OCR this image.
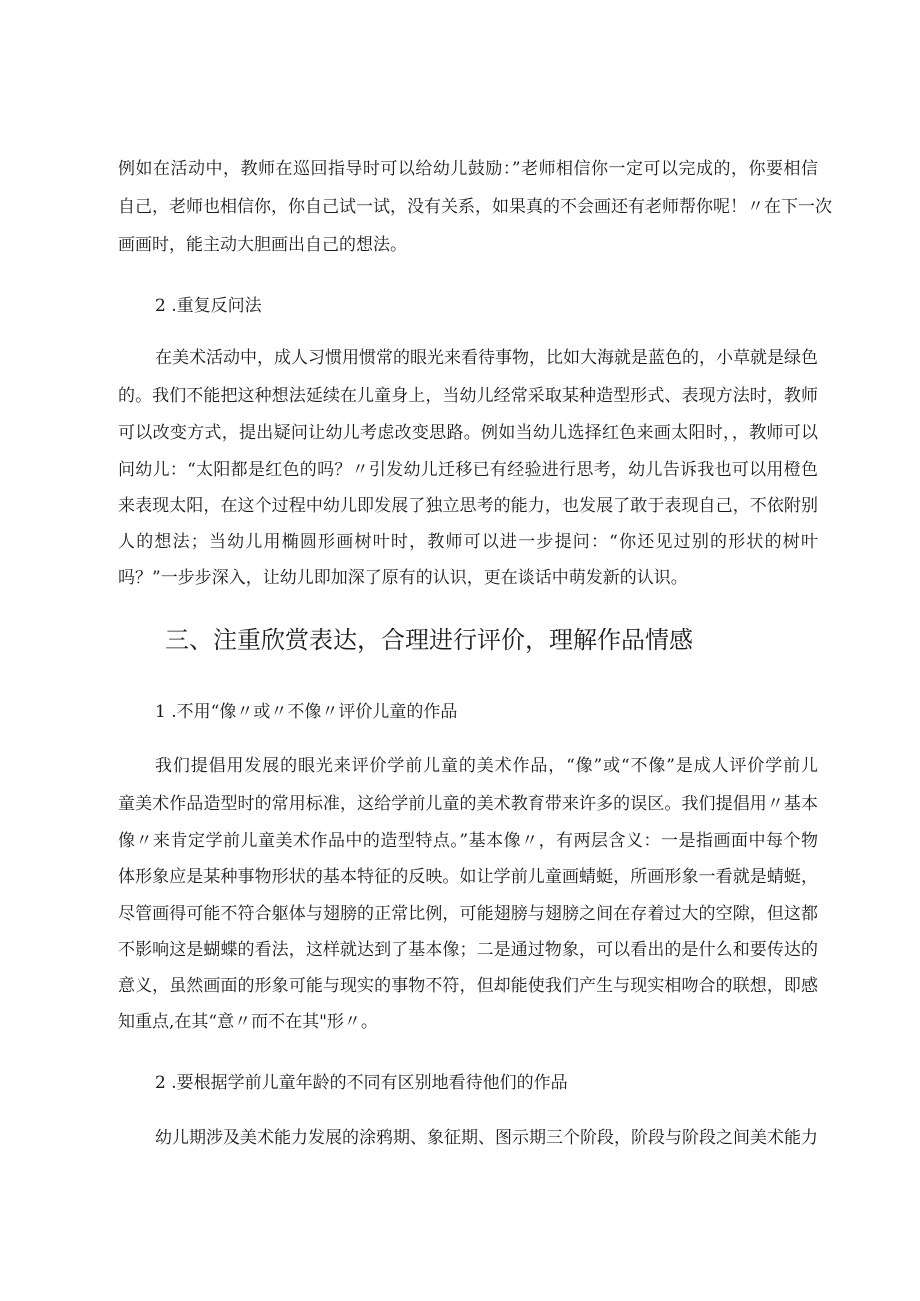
例如在活动中，教师在巡回指导时可以给幼儿鼓励：”老师相信你一定可以完成的，你要相信
自己，老师也相信你，你自己试一试，没有关系，如果真的不会画还有老师帮你呢！〃在下一次
画画时，能主动大胆画出自己的想法。
2 .重复反问法
在美术活动中，成人习惯用惯常的眼光来看待事物，比如大海就是蓝色的，小草就是绿色
的。我们不能把这种想法延续在儿童身上，当幼儿经常采取某种造型形式、表现方法时，教师
可以改变方式，提出疑问让幼儿考虑改变思路。例如当幼儿选择红色来画太阳时，，教师可以
问幼儿：“太阳都是红色的吗？〃引发幼儿迁移已有经验进行思考，幼儿告诉我也可以用橙色
来表现太阳，在这个过程中幼儿即发展了独立思考的能力，也发展了敢于表现自己，不依附别
人的想法；当幼儿用椭圆形画树叶时，教师可以进一步提问：“你还见过别的形状的树叶
吗？”一步步深入，让幼儿即加深了原有的认识，更在谈话中萌发新的认识。
三、注重欣赏表达，合理进行评价，理解作品情感
1 .不用“像〃或〃不像〃评价儿童的作品
我们提倡用发展的眼光来评价学前儿童的美术作品，“像”或“不像”是成人评价学前儿
童美术作品造型时的常用标准，这给学前儿童的美术教育带来许多的误区。我们提倡用〃基本
像〃来肯定学前儿童美术作品中的造型特点。”基本像〃，有两层含义：一是指画面中每个物
体形象应是某种事物形状的基本特征的反映。如让学前儿童画蜻蜓，所画形象一看就是蜻蜓，
尽管画得可能不符合躯体与翅膀的正常比例，可能翅膀与翅膀之间在存着过大的空隙，但这都
不影响这是蝴蝶的看法，这样就达到了基本像；二是通过物象，可以看出的是什么和要传达的
意义，虽然画面的形象可能与现实的事物不符，但却能使我们产生与现实相吻合的联想，即感
知重点,在其“意〃而不在其"形〃。
2 .要根据学前儿童年龄的不同有区别地看待他们的作品
幼儿期涉及美术能力发展的涂鸦期、象征期、图示期三个阶段，阶段与阶段之间美术能力
